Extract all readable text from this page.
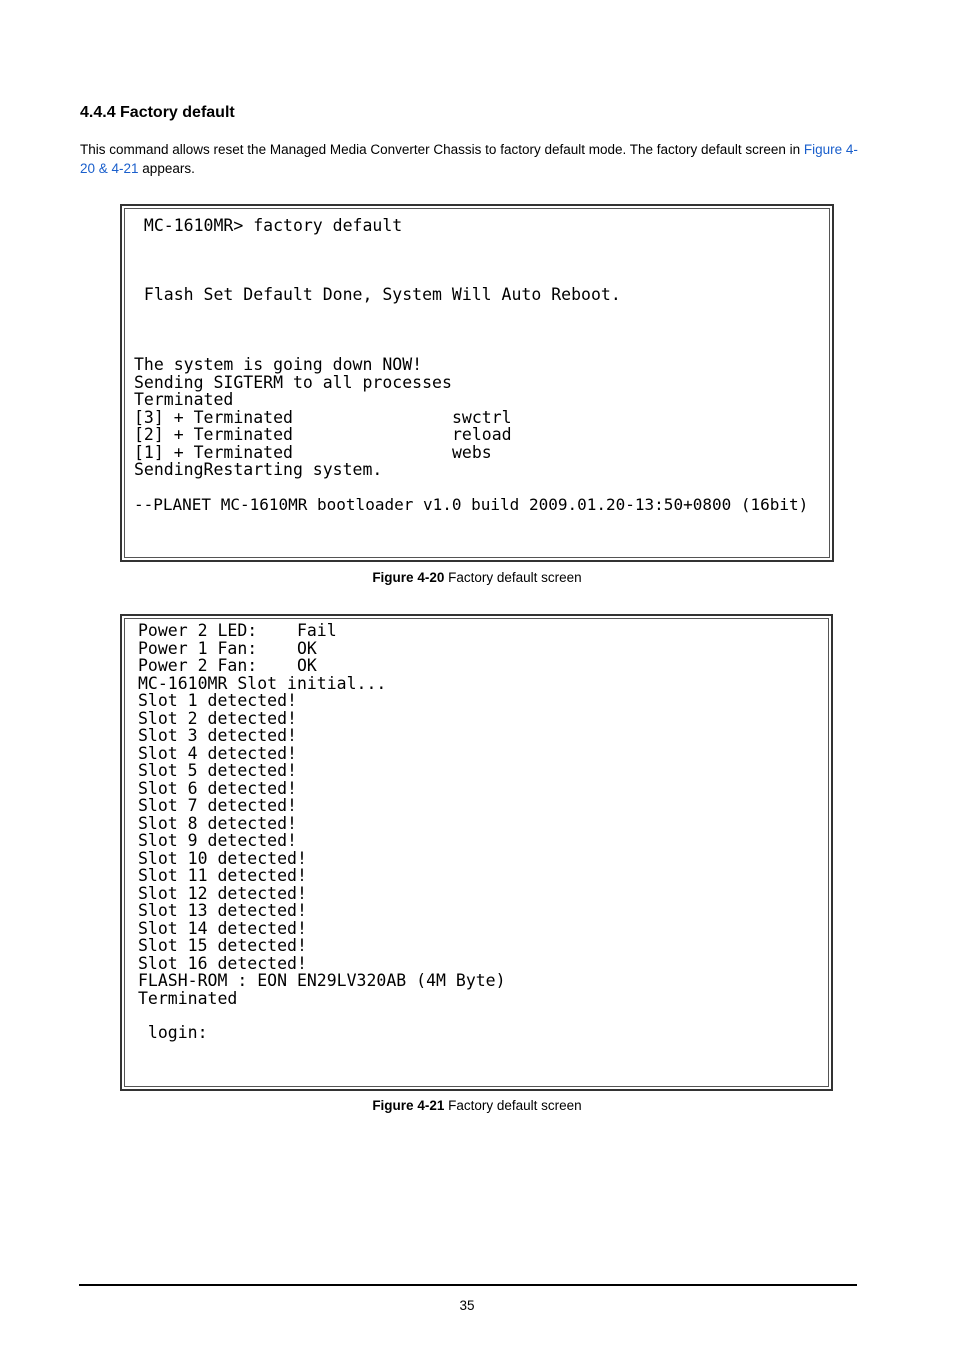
4.4.4 Factory default

This command allows reset the Managed Media Converter Chassis to factory default mode. The factory default screen in Figure 4-20 & 4-21 appears.

MC-1610MR> factory default
Flash Set Default Done, System Will Auto Reboot.
The system is going down NOW!
Sending SIGTERM to all processes
Terminated
[3] + Terminated	swctrl
[2] + Terminated	reload
[1] + Terminated	webs
SendingRestarting system.
--PLANET MC-1610MR bootloader v1.0 build 2009.01.20-13:50+0800 (16bit)
Figure 4-20 Factory default screen
Power 2 LED:    Fail
Power 1 Fan:    OK
Power 2 Fan:    OK
MC-1610MR Slot initial...
Slot 1 detected!
Slot 2 detected!
Slot 3 detected!
Slot 4 detected!
Slot 5 detected!
Slot 6 detected!
Slot 7 detected!
Slot 8 detected!
Slot 9 detected!
Slot 10 detected!
Slot 11 detected!
Slot 12 detected!
Slot 13 detected!
Slot 14 detected!
Slot 15 detected!
Slot 16 detected!
FLASH-ROM : EON EN29LV320AB (4M Byte)
Terminated
login:
Figure 4-21 Factory default screen
35
